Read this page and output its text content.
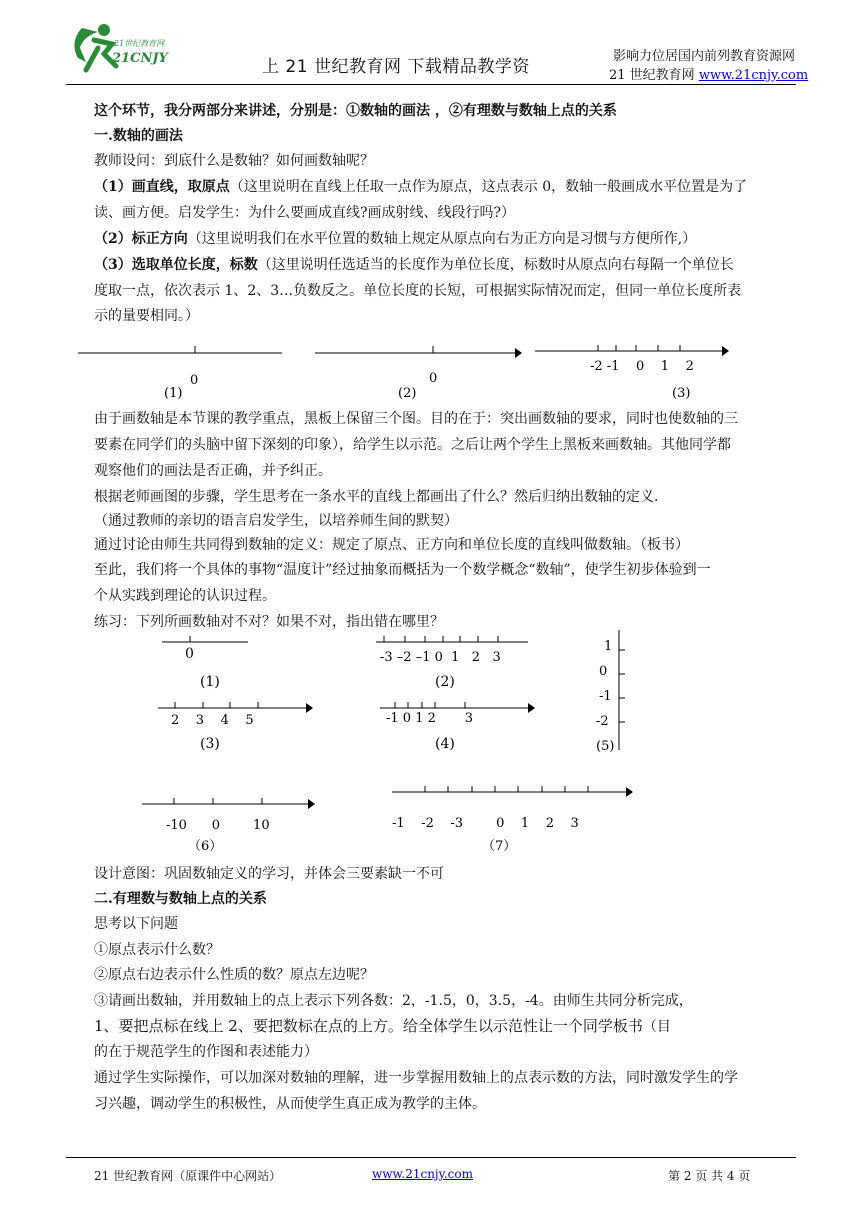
21世纪教育网
21CNJY	上 21 世纪教育网 下载精品教学资
影响力位居国内前列教育资源网
21 世纪教育网 www.21cnjy.com
这个环节，我分两部分来讲述，分别是：①数轴的画法 ，②有理数与数轴上点的关系
一.数轴的画法
教师设问：到底什么是数轴？如何画数轴呢？
（1）画直线，取原点（这里说明在直线上任取一点作为原点，这点表示 0，数轴一般画成水平位置是为了
读、画方便。启发学生：为什么要画成直线?画成射线、线段行吗?）
（2）标正方向（这里说明我们在水平位置的数轴上规定从原点向右为正方向是习惯与方便所作,）
（3）选取单位长度，标数（这里说明任选适当的长度作为单位长度，标数时从原点向右每隔一个单位长
度取一点，依次表示 1、2、3…负数反之。单位长度的长短，可根据实际情况而定，但同一单位长度所表
示的量要相同。）
0
(1)
0
(2)
-2 -1    0    1    2
(3)
由于画数轴是本节课的教学重点，黑板上保留三个图。目的在于：突出画数轴的要求，同时也使数轴的三
要素在同学们的头脑中留下深刻的印象），给学生以示范。之后让两个学生上黑板来画数轴。其他同学都
观察他们的画法是否正确，并予纠正。
根据老师画图的步骤，学生思考在一条水平的直线上都画出了什么？然后归纳出数轴的定义.
（通过教师的亲切的语言启发学生，以培养师生间的默契）
通过讨论由师生共同得到数轴的定义：规定了原点、正方向和单位长度的直线叫做数轴。（板书）
至此，我们将一个具体的事物“温度计”经过抽象而概括为一个数学概念“数轴”，使学生初步体验到一
个从实践到理论的认识过程。
练习：下列所画数轴对不对？如果不对，指出错在哪里？
0
(1)
-3 –2 –1 0  1   2   3
(2)
1
0
-1
-2
(5)
2    3    4    5
(3)
-1 0 1 2       3
(4)
-10      0        10
（6）
-1    -2    -3        0    1    2    3
（7）
设计意图：巩固数轴定义的学习，并体会三要素缺一不可
二.有理数与数轴上点的关系
思考以下问题
①原点表示什么数？
②原点右边表示什么性质的数？原点左边呢？
③请画出数轴，并用数轴上的点上表示下列各数：2，-1.5，0，3.5，-4。由师生共同分析完成，
1、要把点标在线上 2、要把数标在点的上方。给全体学生以示范性让一个同学板书（目
的在于规范学生的作图和表述能力）
通过学生实际操作，可以加深对数轴的理解，进一步掌握用数轴上的点表示数的方法，同时激发学生的学
习兴趣，调动学生的积极性，从而使学生真正成为教学的主体。
21 世纪教育网（原课件中心网站）	www.21cnjy.com	第 2 页 共 4 页
